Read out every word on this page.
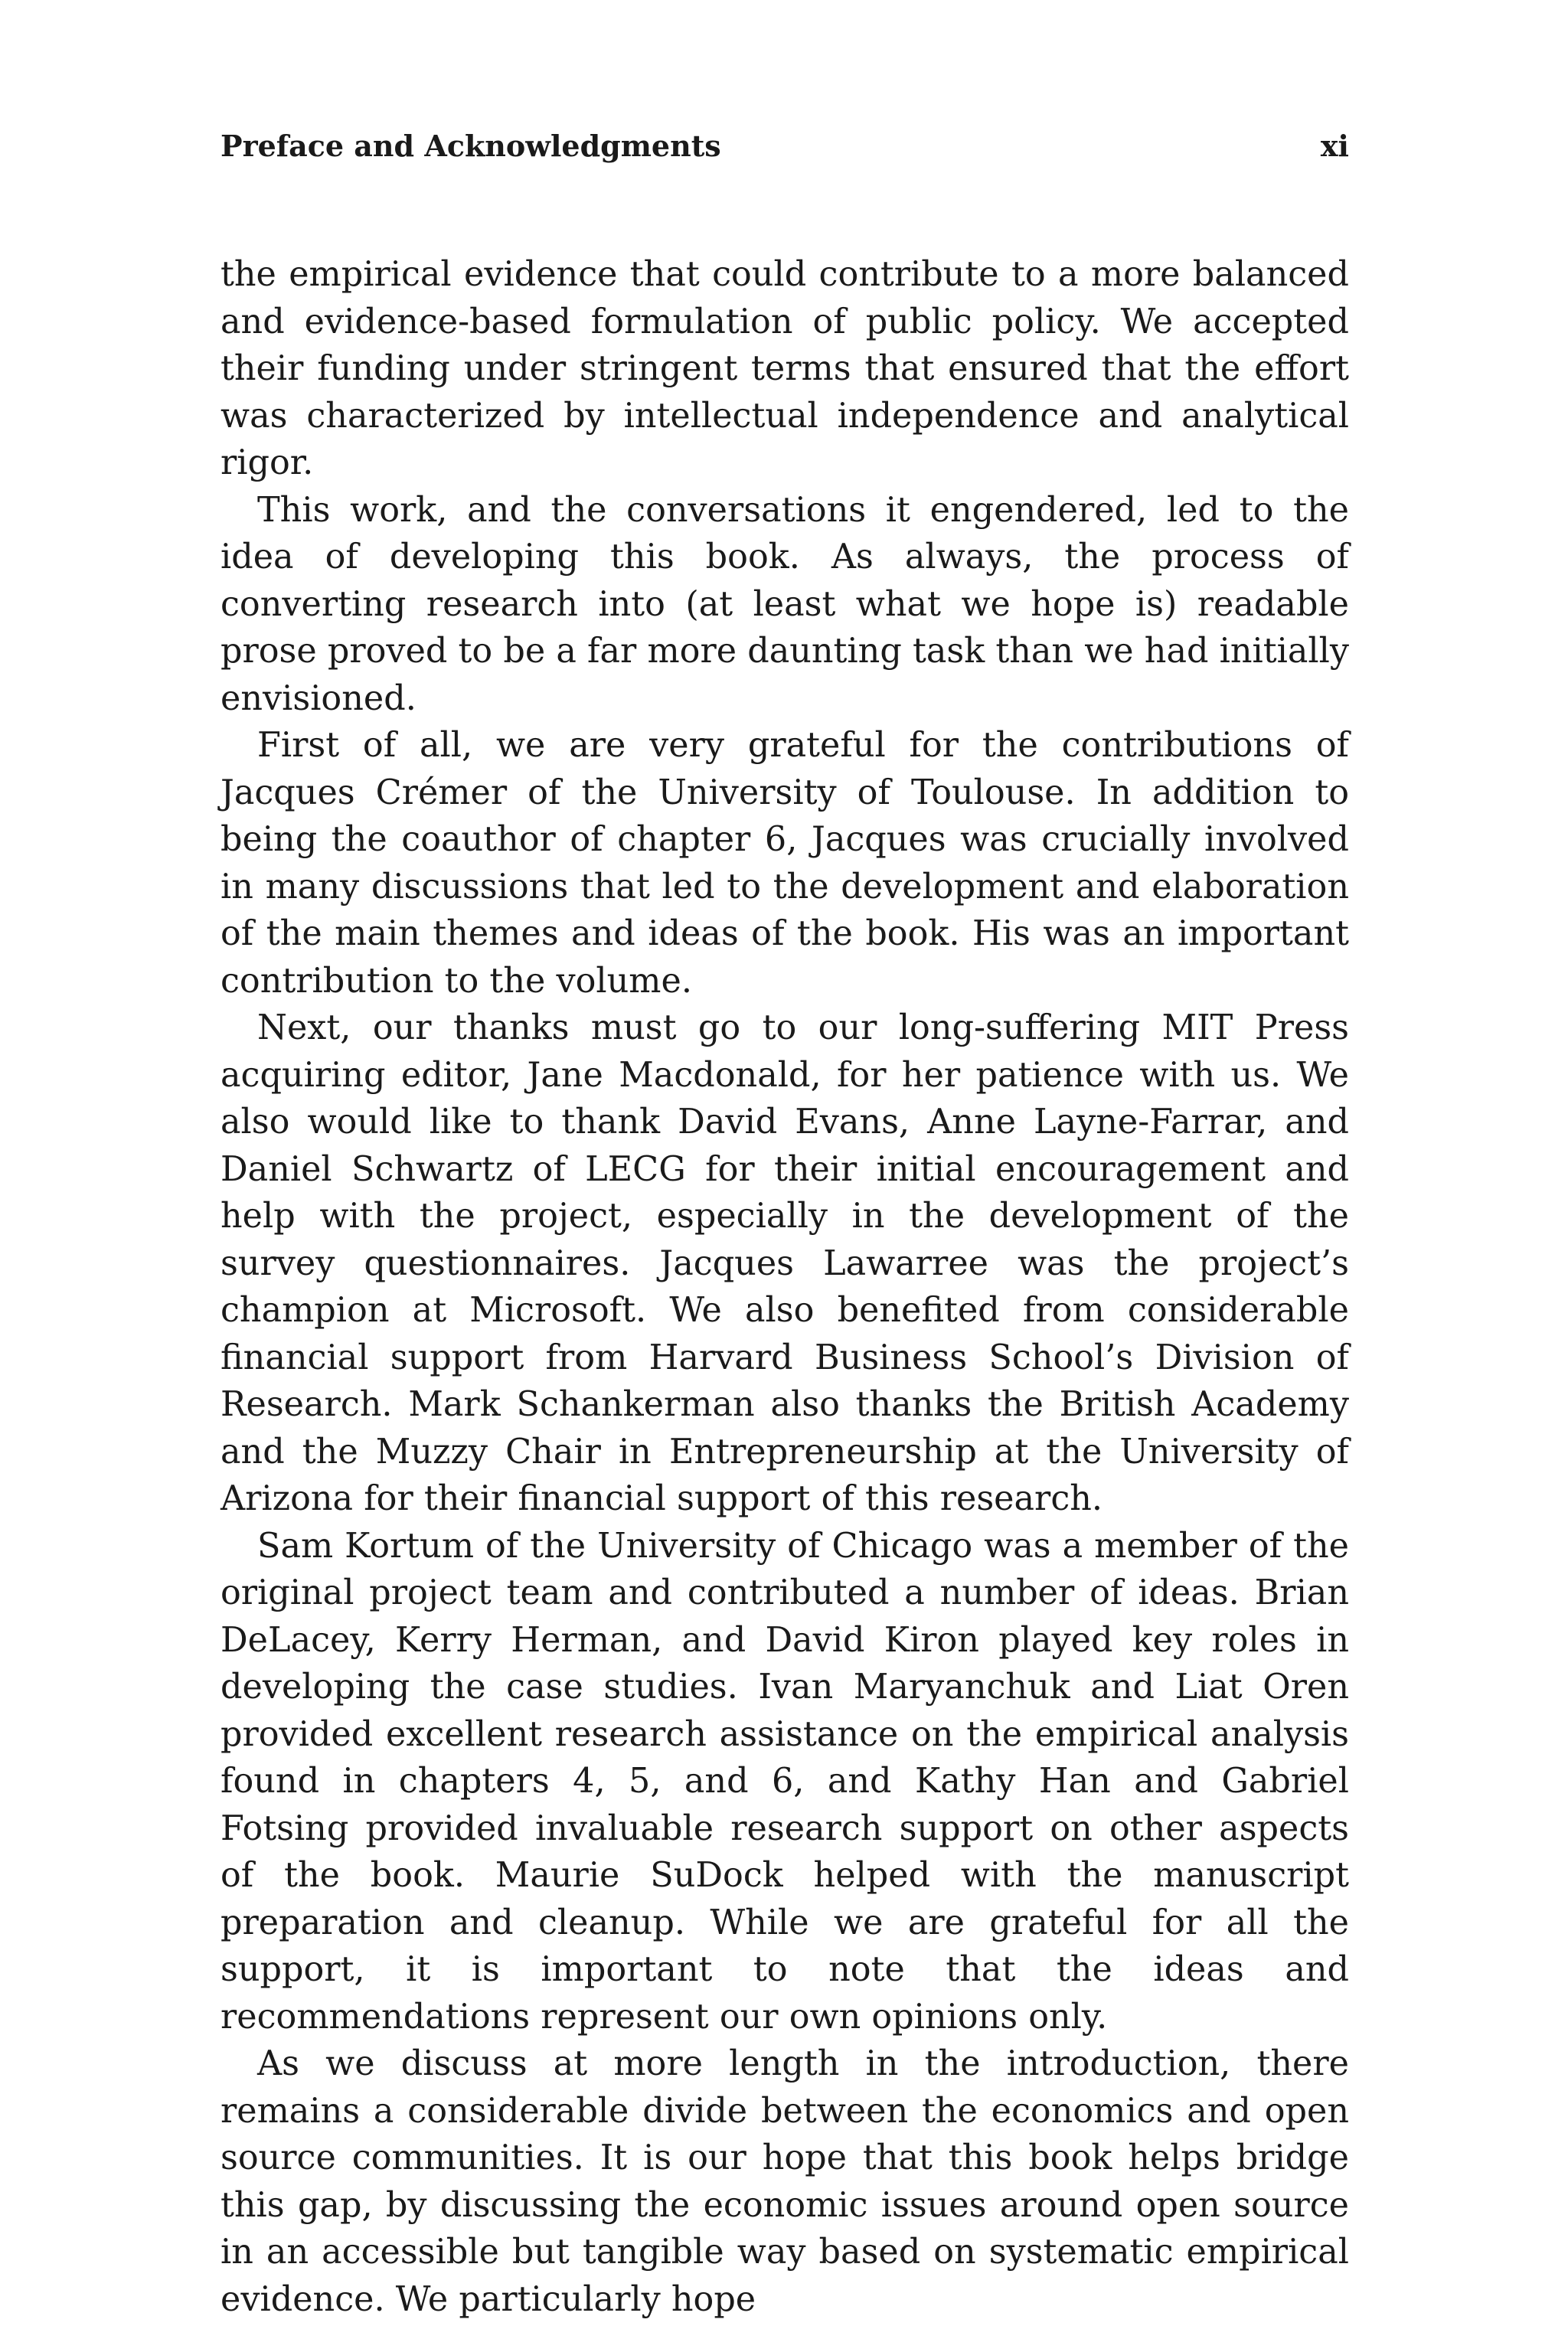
Preface and Acknowledgments	xi

the empirical evidence that could contribute to a more balanced and evidence-based formulation of public policy. We accepted their funding under stringent terms that ensured that the effort was characterized by intellectual independence and analytical rigor.

This work, and the conversations it engendered, led to the idea of developing this book. As always, the process of converting research into (at least what we hope is) readable prose proved to be a far more daunting task than we had initially envisioned.

First of all, we are very grateful for the contributions of Jacques Crémer of the University of Toulouse. In addition to being the coauthor of chapter 6, Jacques was crucially involved in many discussions that led to the development and elaboration of the main themes and ideas of the book. His was an important contribution to the volume.

Next, our thanks must go to our long-suffering MIT Press acquiring editor, Jane Macdonald, for her patience with us. We also would like to thank David Evans, Anne Layne-Farrar, and Daniel Schwartz of LECG for their initial encouragement and help with the project, especially in the development of the survey questionnaires. Jacques Lawarree was the project’s champion at Microsoft. We also benefited from considerable financial support from Harvard Business School’s Division of Research. Mark Schankerman also thanks the British Academy and the Muzzy Chair in Entrepreneurship at the University of Arizona for their financial support of this research.

Sam Kortum of the University of Chicago was a member of the original project team and contributed a number of ideas. Brian DeLacey, Kerry Herman, and David Kiron played key roles in developing the case studies. Ivan Maryanchuk and Liat Oren provided excellent research assistance on the empirical analysis found in chapters 4, 5, and 6, and Kathy Han and Gabriel Fotsing provided invaluable research support on other aspects of the book. Maurie SuDock helped with the manuscript preparation and cleanup. While we are grateful for all the support, it is important to note that the ideas and recommendations represent our own opinions only.

As we discuss at more length in the introduction, there remains a considerable divide between the economics and open source communities. It is our hope that this book helps bridge this gap, by discussing the economic issues around open source in an accessible but tangible way based on systematic empirical evidence. We particularly hope
